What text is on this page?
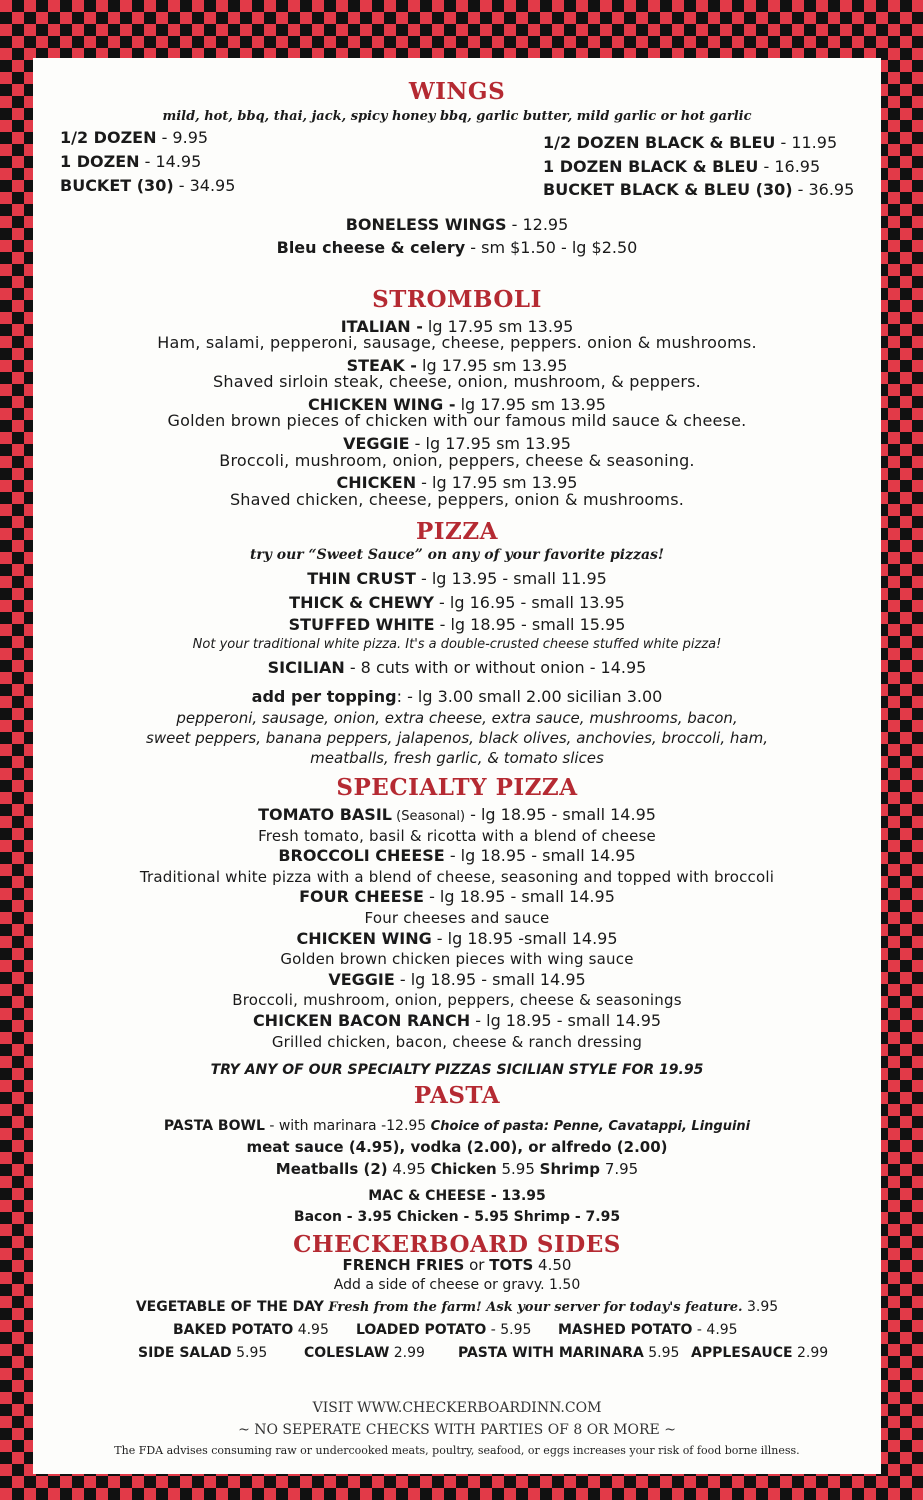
WINGS
mild, hot, bbq, thai, jack, spicy honey bbq, garlic butter, mild garlic or hot garlic
1/2 DOZEN - 9.95
1 DOZEN - 14.95
BUCKET (30) - 34.95
1/2 DOZEN BLACK & BLEU - 11.95
1 DOZEN BLACK & BLEU - 16.95
BUCKET BLACK & BLEU (30) - 36.95
BONELESS WINGS - 12.95
Bleu cheese & celery - sm $1.50 - lg $2.50
STROMBOLI
ITALIAN - lg 17.95 sm 13.95
Ham, salami, pepperoni, sausage, cheese, peppers. onion & mushrooms.
STEAK - lg 17.95 sm 13.95
Shaved sirloin steak, cheese, onion, mushroom, & peppers.
CHICKEN WING - lg 17.95 sm 13.95
Golden brown pieces of chicken with our famous mild sauce & cheese.
VEGGIE - lg 17.95 sm 13.95
Broccoli, mushroom, onion, peppers, cheese & seasoning.
CHICKEN - lg 17.95 sm 13.95
Shaved chicken, cheese, peppers, onion & mushrooms.
PIZZA
try our “Sweet Sauce” on any of your favorite pizzas!
THIN CRUST - lg 13.95 - small 11.95
THICK & CHEWY - lg 16.95 - small 13.95
STUFFED WHITE - lg 18.95 - small 15.95
Not your traditional white pizza. It's a double-crusted cheese stuffed white pizza!
SICILIAN - 8 cuts with or without onion - 14.95
add per topping: - lg 3.00 small 2.00 sicilian 3.00
pepperoni, sausage, onion, extra cheese, extra sauce, mushrooms, bacon,
sweet peppers, banana peppers, jalapenos, black olives, anchovies, broccoli, ham,
meatballs, fresh garlic, & tomato slices
SPECIALTY PIZZA
TOMATO BASIL (Seasonal) - lg 18.95 - small 14.95
Fresh tomato, basil & ricotta with a blend of cheese
BROCCOLI CHEESE - lg 18.95 - small 14.95
Traditional white pizza with a blend of cheese, seasoning and topped with broccoli
FOUR CHEESE - lg 18.95 - small 14.95
Four cheeses and sauce
CHICKEN WING - lg 18.95 -small 14.95
Golden brown chicken pieces with wing sauce
VEGGIE - lg 18.95 - small 14.95
Broccoli, mushroom, onion, peppers, cheese & seasonings
CHICKEN BACON RANCH - lg 18.95 - small 14.95
Grilled chicken, bacon, cheese & ranch dressing
TRY ANY OF OUR SPECIALTY PIZZAS SICILIAN STYLE FOR 19.95
PASTA
PASTA BOWL - with marinara -12.95 Choice of pasta: Penne, Cavatappi, Linguini
meat sauce (4.95), vodka (2.00), or alfredo (2.00)
Meatballs (2) 4.95 Chicken 5.95 Shrimp 7.95
MAC & CHEESE - 13.95
Bacon - 3.95 Chicken - 5.95 Shrimp - 7.95
CHECKERBOARD SIDES
FRENCH FRIES or TOTS 4.50
Add a side of cheese or gravy. 1.50
VEGETABLE OF THE DAY Fresh from the farm! Ask your server for today's feature. 3.95
BAKED POTATO 4.95 LOADED POTATO - 5.95 MASHED POTATO - 4.95
SIDE SALAD 5.95	COLESLAW 2.99 PASTA WITH MARINARA 5.95 APPLESAUCE 2.99
VISIT WWW.CHECKERBOARDINN.COM
~ NO SEPERATE CHECKS WITH PARTIES OF 8 OR MORE ~
The FDA advises consuming raw or undercooked meats, poultry, seafood, or eggs increases your risk of food borne illness.
